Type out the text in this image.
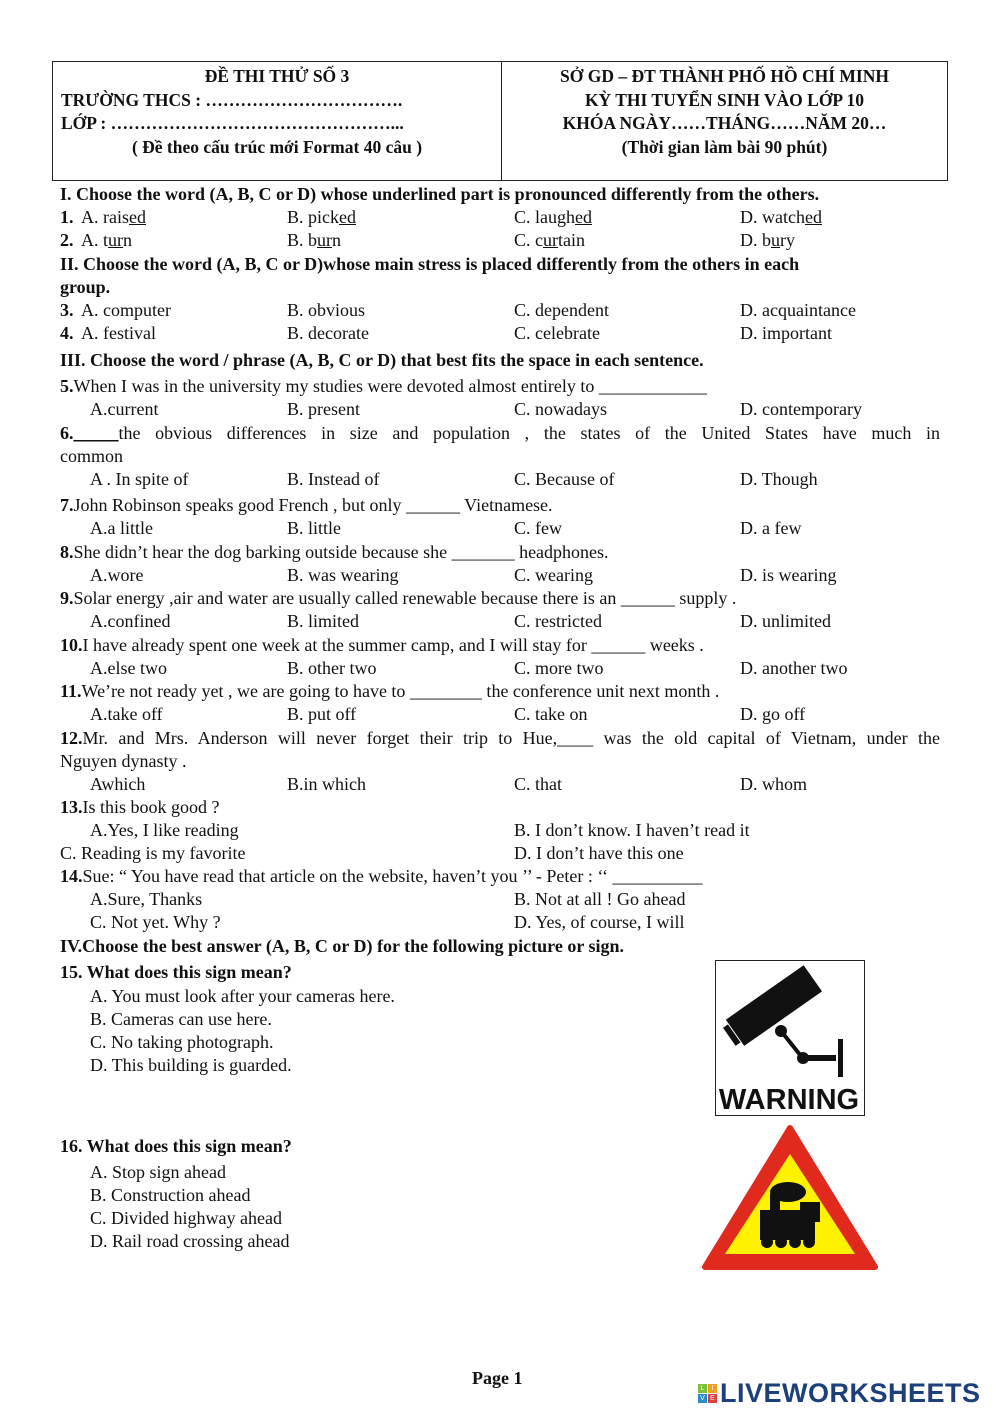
ĐỀ THI THỬ SỐ 3
TRƯỜNG THCS : …………………………….
LỚP : …………………………………………...
( Đề theo cấu trúc mới Format 40 câu )
SỞ GD – ĐT THÀNH PHỐ HỒ CHÍ MINH
KỲ THI TUYỂN SINH VÀO LỚP 10
KHÓA NGÀY……THÁNG……NĂM 20…
(Thời gian làm bài 90 phút)
I. Choose the word (A, B, C or D) whose underlined part is pronounced differently from the others.
1. A. raised	B. picked	C. laughed	D. watched
2. A. turn	B. burn	C. curtain	D. bury
II. Choose the word (A, B, C or D)whose main stress is placed differently from the others in each
group.
3. A. computer	B. obvious	C. dependent	D. acquaintance
4. A. festival	B. decorate	C. celebrate	D. important
III. Choose the word / phrase (A, B, C or D) that best fits the space in each sentence.
5.When I was in the university my studies were devoted almost entirely to ____________
A.current	B. present	C. nowadays	D. contemporary
6._____the obvious differences in size and population , the states of the United States have much in
common
A . In spite of	B. Instead of	C. Because of	D. Though
7.John Robinson speaks good French , but only ______ Vietnamese.
A.a little	B. little	C. few	D. a few
8.She didn’t hear the dog barking outside because she _______ headphones.
A.wore	B. was wearing	C. wearing	D. is wearing
9.Solar energy ,air and water are usually called renewable because there is an ______ supply .
A.confined	B. limited	C. restricted	D. unlimited
10.I have already spent one week at the summer camp, and I will stay for ______ weeks .
A.else two	B. other two	C. more two	D. another two
11.We’re not ready yet , we are going to have to ________ the conference unit next month .
A.take off	B. put off	C. take on	D. go off
12.Mr. and Mrs. Anderson will never forget their trip to Hue,____ was the old capital of Vietnam, under the
Nguyen dynasty .
Awhich	B.in which	C. that	D. whom
13.Is this book good ?
A.Yes, I like reading	B. I don’t know. I haven’t read it
C. Reading is my favorite	D. I don’t have this one
14.Sue: “ You have read that article on the website, haven’t you ’’ - Peter : ‘‘ __________
A.Sure, Thanks	B. Not at all ! Go ahead
C. Not yet. Why ?	D. Yes, of course, I will
IV.Choose the best answer (A, B, C or D) for the following picture or sign.
15. What does this sign mean?
A. You must look after your cameras here.
B. Cameras can use here.
C. No taking photograph.
D. This building is guarded.
16. What does this sign mean?
A. Stop sign ahead
B. Construction ahead
C. Divided highway ahead
D. Rail road crossing ahead
WARNING
Page 1
L	I
V E LIVEWORKSHEETS
